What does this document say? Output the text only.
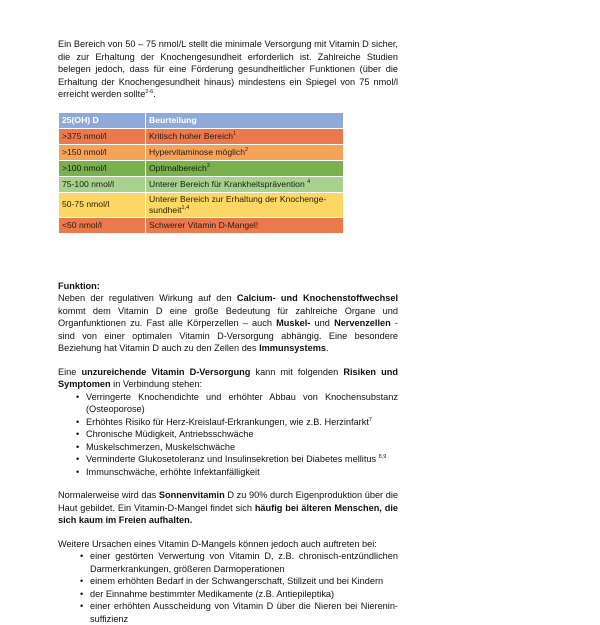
Ein Bereich von 50 – 75 nmol/L stellt die minimale Versorgung mit Vitamin D sicher, die zur Erhaltung der Knochengesundheit erforderlich ist. Zahlreiche Studien belegen jedoch, dass für eine Förderung gesundheitlicher Funktionen (über die Erhaltung der Knochengesundheit hinaus) mindestens ein Spiegel von 75 nmol/l erreicht werden sollte$^{2-6}$.

25(OH) D	Beurteilung
>375 nmol/l	Kritisch hoher Bereich$^1$
>150 nmol/l	Hypervitaminose möglich$^2$
>100 nmol/l	Optimalbereich$^3$
75-100 nmol/l	Unterer Bereich für Krankheitsprävention $^4$
50-75 nmol/l	Unterer Bereich zur Erhaltung der Knochenge-sundheit$^{1,4}$
<50 nmol/l	Schwerer Vitamin D-Mangel!

Funktion:

Neben der regulativen Wirkung auf den Calcium- und Knochenstoffwechsel kommt dem Vitamin D eine große Bedeutung für zahlreiche Organe und Organfunktionen zu. Fast alle Körperzellen – auch Muskel- und Nervenzellen - sind von einer optimalen Vitamin D-Versorgung abhängig. Eine besondere Beziehung hat Vitamin D auch zu den Zellen des Immunsystems.

Eine unzureichende Vitamin D-Versorgung kann mit folgenden Risiken und Symptomen in Verbindung stehen:

• Verringerte Knochendichte und erhöhter Abbau von Knochensubstanz (Osteoporose)
• Erhöhtes Risiko für Herz-Kreislauf-Erkrankungen, wie z.B. Herzinfarkt$^7$
• Chronische Müdigkeit, Antriebsschwäche
• Muskelschmerzen, Muskelschwäche
• Verminderte Glukosetoleranz und Insulinsekretion bei Diabetes mellitus $^{8,9}$
• Immunschwäche, erhöhte Infektanfälligkeit

Normalerweise wird das Sonnenvitamin D zu 90% durch Eigenproduktion über die Haut gebildet. Ein Vitamin-D-Mangel findet sich häufig bei älteren Menschen, die sich kaum im Freien aufhalten.

Weitere Ursachen eines Vitamin D-Mangels können jedoch auch auftreten bei:

• einer gestörten Verwertung von Vitamin D, z.B. chronisch-entzündlichen Darmerkrankungen, größeren Darmoperationen
• einem erhöhten Bedarf in der Schwangerschaft, Stillzeit und bei Kindern
• der Einnahme bestimmter Medikamente (z.B. Antiepileptika)
• einer erhöhten Ausscheidung von Vitamin D über die Nieren bei Nierenin-suffizienz
